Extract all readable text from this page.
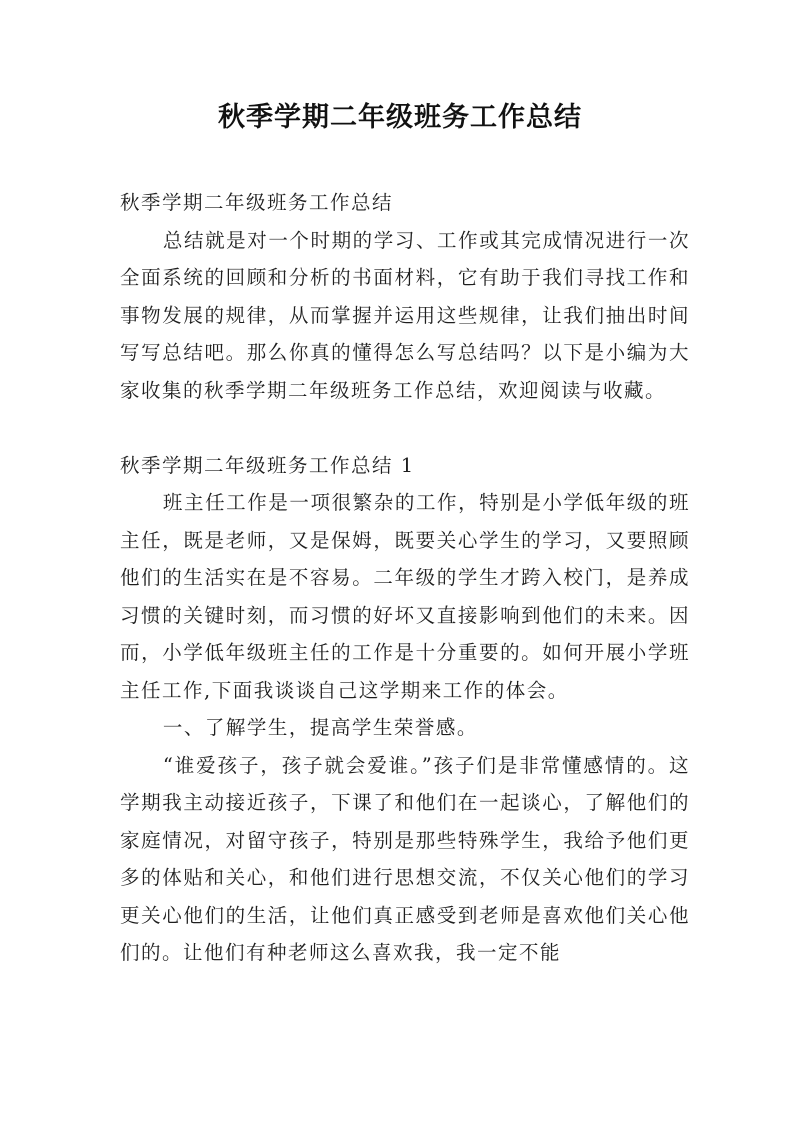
秋季学期二年级班务工作总结

秋季学期二年级班务工作总结

总结就是对一个时期的学习、工作或其完成情况进行一次全面系统的回顾和分析的书面材料，它有助于我们寻找工作和事物发展的规律，从而掌握并运用这些规律，让我们抽出时间写写总结吧。那么你真的懂得怎么写总结吗？以下是小编为大家收集的秋季学期二年级班务工作总结，欢迎阅读与收藏。

秋季学期二年级班务工作总结 1

班主任工作是一项很繁杂的工作，特别是小学低年级的班主任，既是老师，又是保姆，既要关心学生的学习，又要照顾他们的生活实在是不容易。二年级的学生才跨入校门，是养成习惯的关键时刻，而习惯的好坏又直接影响到他们的未来。因而，小学低年级班主任的工作是十分重要的。如何开展小学班主任工作,下面我谈谈自己这学期来工作的体会。

一、了解学生，提高学生荣誉感。

“谁爱孩子，孩子就会爱谁。”孩子们是非常懂感情的。这学期我主动接近孩子，下课了和他们在一起谈心，了解他们的家庭情况，对留守孩子，特别是那些特殊学生，我给予他们更多的体贴和关心，和他们进行思想交流，不仅关心他们的学习更关心他们的生活，让他们真正感受到老师是喜欢他们关心他们的。让他们有种老师这么喜欢我，我一定不能
